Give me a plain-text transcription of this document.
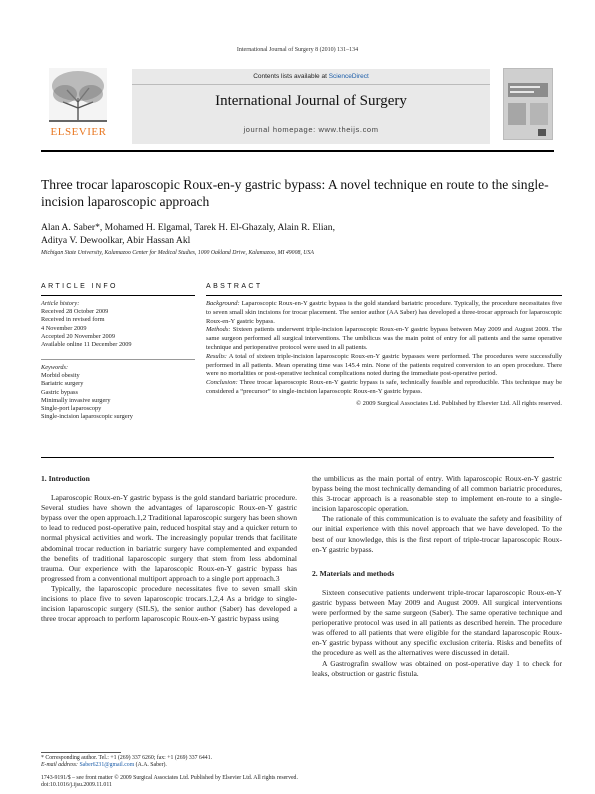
International Journal of Surgery 8 (2010) 131–134
ELSEVIER
Contents lists available at ScienceDirect
International Journal of Surgery
journal homepage: www.theijs.com
Three trocar laparoscopic Roux-en-y gastric bypass: A novel technique en route to the single-incision laparoscopic approach
Alan A. Saber*, Mohamed H. Elgamal, Tarek H. El-Ghazaly, Alain R. Elian,
Aditya V. Dewoolkar, Abir Hassan Akl
Michigan State University, Kalamazoo Center for Medical Studies, 1000 Oakland Drive, Kalamazoo, MI 49008, USA
ARTICLE INFO	ABSTRACT
Article history:
Received 28 October 2009
Received in revised form
4 November 2009
Accepted 20 November 2009
Available online 11 December 2009
Keywords:
Morbid obesity
Bariatric surgery
Gastric bypass
Minimally invasive surgery
Single-port laparoscopy
Single-incision laparoscopic surgery

Background: Laparoscopic Roux-en-Y gastric bypass is the gold standard bariatric procedure. Typically, the procedure necessitates five to seven small skin incisions for trocar placement. The senior author (AA Saber) has developed a three-trocar approach for laparoscopic Roux-en-Y gastric bypass.

Methods: Sixteen patients underwent triple-incision laparoscopic Roux-en-Y gastric bypass between May 2009 and August 2009. The same surgeon performed all surgical interventions. The umbilicus was the main point of entry for all patients and the same operative technique and perioperative protocol were used in all patients.

Results: A total of sixteen triple-incision laparoscopic Roux-en-Y gastric bypasses were performed. The procedures were successfully performed in all patients. Mean operating time was 145.4 min. None of the patients required conversion to an open procedure. There were no mortalities or post-operative technical complications noted during the immediate post-operative period.

Conclusion: Three trocar laparoscopic Roux-en-Y gastric bypass is safe, technically feasible and reproducible. This technique may be considered a “precursor” to single-incision laparoscopic Roux-en-Y gastric bypass.

© 2009 Surgical Associates Ltd. Published by Elsevier Ltd. All rights reserved.

1. Introduction

Laparoscopic Roux-en-Y gastric bypass is the gold standard bariatric procedure. Several studies have shown the advantages of laparoscopic Roux-en-Y gastric bypass over the open approach.1,2 Traditional laparoscopic surgery has been shown to lead to reduced post-operative pain, reduced hospital stay and a quicker return to normal physical activities and work. The increasingly popular trends that facilitate abdominal trocar reduction in bariatric surgery have complemented and expanded the benefits of traditional laparoscopic surgery that stem from less abdominal trauma. Our experience with the laparoscopic Roux-en-Y gastric bypass has progressed from a conventional multiport approach to a single port approach.3

Typically, the laparoscopic procedure necessitates five to seven small skin incisions to place five to seven laparoscopic trocars.1,2,4 As a bridge to single-incision laparoscopic surgery (SILS), the senior author (Saber) has developed a three trocar approach to perform laparoscopic Roux-en-Y gastric bypass using

the umbilicus as the main portal of entry. With laparoscopic Roux-en-Y gastric bypass being the most technically demanding of all common bariatric procedures, this 3-trocar approach is a reasonable step to implement en-route to a single-incision laparoscopic operation.

The rationale of this communication is to evaluate the safety and feasibility of our initial experience with this novel approach that we have developed. To the best of our knowledge, this is the first report of triple-trocar laparoscopic Roux-en-Y gastric bypass.

2. Materials and methods

Sixteen consecutive patients underwent triple-trocar laparoscopic Roux-en-Y gastric bypass between May 2009 and August 2009. All surgical interventions were performed by the same surgeon (Saber). The same operative technique and perioperative protocol was used in all patients as described herein. The procedure was offered to all patients that were eligible for the standard laparoscopic Roux-en-Y gastric bypass without any specific exclusion criteria. Risks and benefits of the procedure as well as the alternatives were discussed in detail.

A Gastrografin swallow was obtained on post-operative day 1 to check for leaks, obstruction or gastric fistula.

* Corresponding author. Tel.: +1 (269) 337 6260; fax: +1 (269) 337 6441.
E-mail address: Saber6231@gmail.com (A.A. Saber).
1743-9191/$ – see front matter © 2009 Surgical Associates Ltd. Published by Elsevier Ltd. All rights reserved.
doi:10.1016/j.ijsu.2009.11.011
